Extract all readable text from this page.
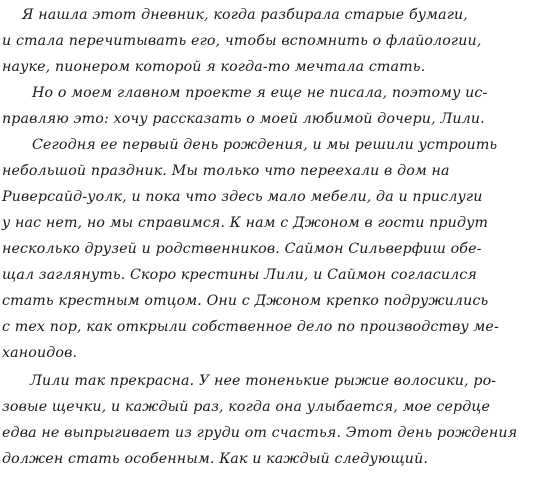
Я нашла этот дневник, когда разбирала старые бумаги,
и стала перечитывать его, чтобы вспомнить о флайологии,
науке, пионером которой я когда-то мечтала стать.
Но о моем главном проекте я еще не писала, поэтому ис-
правляю это: хочу рассказать о моей любимой дочери, Лили.
Сегодня ее первый день рождения, и мы решили устроить
небольшой праздник. Мы только что переехали в дом на
Риверсайд-уолк, и пока что здесь мало мебели, да и прислуги
у нас нет, но мы справимся. К нам с Джоном в гости придут
несколько друзей и родственников. Саймон Сильверфиш обе-
щал заглянуть. Скоро крестины Лили, и Саймон согласился
стать крестным отцом. Они с Джоном крепко подружились
с тех пор, как открыли собственное дело по производству ме-
ханоидов.
Лили так прекрасна. У нее тоненькие рыжие волосики, ро-
зовые щечки, и каждый раз, когда она улыбается, мое сердце
едва не выпрыгивает из груди от счастья. Этот день рождения
должен стать особенным. Как и каждый следующий.
